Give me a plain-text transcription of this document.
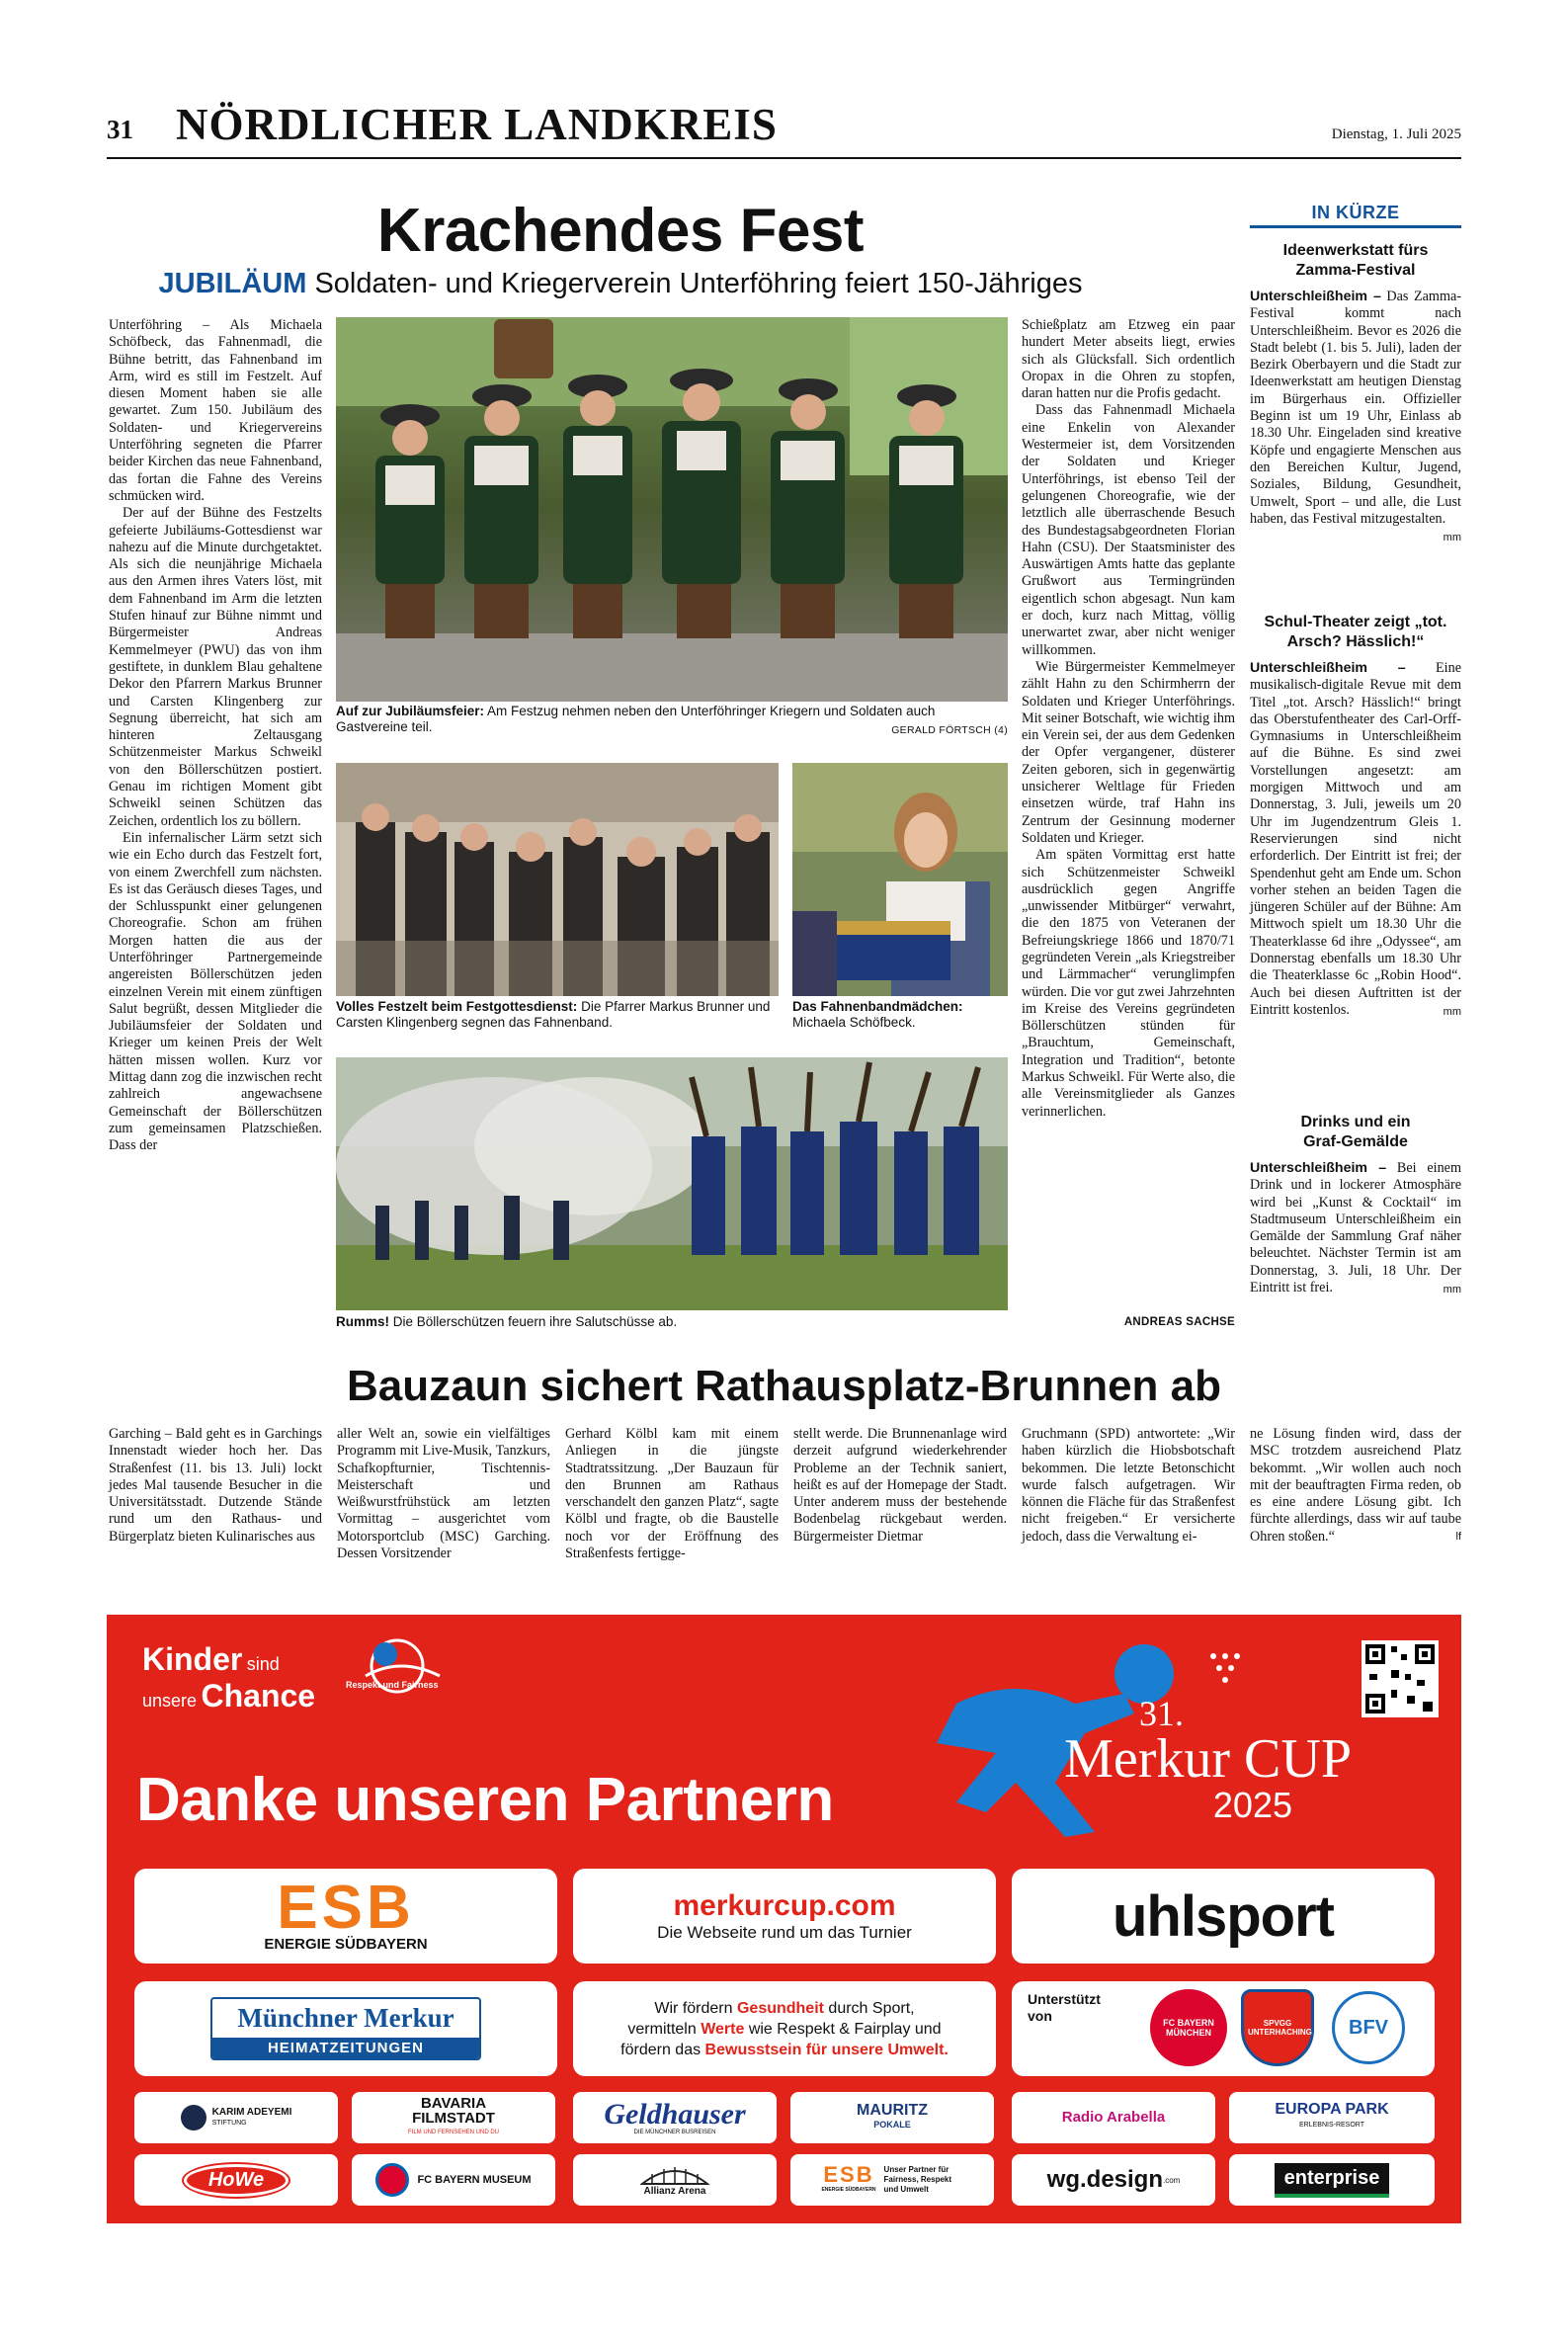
31 NÖRDLICHER LANDKREIS	Dienstag, 1. Juli 2025
Krachendes Fest
JUBILÄUM Soldaten- und Kriegerverein Unterföhring feiert 150-Jähriges

Unterföhring – Als Michaela Schöfbeck, das Fahnenmadl, die Bühne betritt, das Fahnenband im Arm, wird es still im Festzelt. Auf diesen Moment haben sie alle gewartet. Zum 150. Jubiläum des Soldaten- und Kriegervereins Unterföhring segneten die Pfarrer beider Kirchen das neue Fahnenband, das fortan die Fahne des Vereins schmücken wird.

Der auf der Bühne des Festzelts gefeierte Jubiläums-Gottesdienst war nahezu auf die Minute durchgetaktet. Als sich die neunjährige Michaela aus den Armen ihres Vaters löst, mit dem Fahnenband im Arm die letzten Stufen hinauf zur Bühne nimmt und Bürgermeister Andreas Kemmelmeyer (PWU) das von ihm gestiftete, in dunklem Blau gehaltene Dekor den Pfarrern Markus Brunner und Carsten Klingenberg zur Segnung überreicht, hat sich am hinteren Zeltausgang Schützenmeister Markus Schweikl von den Böllerschützen postiert. Genau im richtigen Moment gibt Schweikl seinen Schützen das Zeichen, ordentlich los zu böllern.

Ein infernalischer Lärm setzt sich wie ein Echo durch das Festzelt fort, von einem Zwerchfell zum nächsten. Es ist das Geräusch dieses Tages, und der Schlusspunkt einer gelungenen Choreografie. Schon am frühen Morgen hatten die aus der Unterföhringer Partnergemeinde angereisten Böllerschützen jeden einzelnen Verein mit einem zünftigen Salut begrüßt, dessen Mitglieder die Jubiläumsfeier der Soldaten und Krieger um keinen Preis der Welt hätten missen wollen. Kurz vor Mittag dann zog die inzwischen recht zahlreich angewachsene Gemeinschaft der Böllerschützen zum gemeinsamen Platzschießen. Dass der

Auf zur Jubiläumsfeier: Am Festzug nehmen neben den Unterföhringer Kriegern und Soldaten auch Gastvereine teil.	GERALD FÖRTSCH (4)
Volles Festzelt beim Festgottesdienst: Die Pfarrer Markus Brunner und Carsten Klingenberg segnen das Fahnenband.
Das Fahnenbandmädchen: Michaela Schöfbeck.
Rumms! Die Böllerschützen feuern ihre Salutschüsse ab.

Schießplatz am Etzweg ein paar hundert Meter abseits liegt, erwies sich als Glücksfall. Sich ordentlich Oropax in die Ohren zu stopfen, daran hatten nur die Profis gedacht.

Dass das Fahnenmadl Michaela eine Enkelin von Alexander Westermeier ist, dem Vorsitzenden der Soldaten und Krieger Unterföhrings, ist ebenso Teil der gelungenen Choreografie, wie der letztlich alle überraschende Besuch des Bundestagsabgeordneten Florian Hahn (CSU). Der Staatsminister des Auswärtigen Amts hatte das geplante Grußwort aus Termingründen eigentlich schon abgesagt. Nun kam er doch, kurz nach Mittag, völlig unerwartet zwar, aber nicht weniger willkommen.

Wie Bürgermeister Kemmelmeyer zählt Hahn zu den Schirmherrn der Soldaten und Krieger Unterföhrings. Mit seiner Botschaft, wie wichtig ihm ein Verein sei, der aus dem Gedenken der Opfer vergangener, düsterer Zeiten geboren, sich in gegenwärtig unsicherer Weltlage für Frieden einsetzen würde, traf Hahn ins Zentrum der Gesinnung moderner Soldaten und Krieger.

Am späten Vormittag erst hatte sich Schützenmeister Schweikl ausdrücklich gegen Angriffe „unwissender Mitbürger“ verwahrt, die den 1875 von Veteranen der Befreiungskriege 1866 und 1870/71 gegründeten Verein „als Kriegstreiber und Lärmmacher“ verunglimpfen würden. Die vor gut zwei Jahrzehnten im Kreise des Vereins gegründeten Böllerschützen stünden für „Brauchtum, Gemeinschaft, Integration und Tradition“, betonte Markus Schweikl. Für Werte also, die alle Vereinsmitglieder als Ganzes verinnerlichen.

ANDREAS SACHSE
IN KÜRZE
Ideenwerkstatt fürs Zamma-Festival

Unterschleißheim – Das Zamma-Festival kommt nach Unterschleißheim. Bevor es 2026 die Stadt belebt (1. bis 5. Juli), laden der Bezirk Oberbayern und die Stadt zur Ideenwerkstatt am heutigen Dienstag im Bürgerhaus ein. Offizieller Beginn ist um 19 Uhr, Einlass ab 18.30 Uhr. Eingeladen sind kreative Köpfe und engagierte Menschen aus den Bereichen Kultur, Jugend, Soziales, Bildung, Gesundheit, Umwelt, Sport – und alle, die Lust haben, das Festival mitzugestalten.
mm

Schul-Theater zeigt „tot. Arsch? Hässlich!“

Unterschleißheim – Eine musikalisch-digitale Revue mit dem Titel „tot. Arsch? Hässlich!“ bringt das Oberstufentheater des Carl-Orff-Gymnasiums in Unterschleißheim auf die Bühne. Es sind zwei Vorstellungen angesetzt: am morgigen Mittwoch und am Donnerstag, 3. Juli, jeweils um 20 Uhr im Jugendzentrum Gleis 1. Reservierungen sind nicht erforderlich. Der Eintritt ist frei; der Spendenhut geht am Ende um. Schon vorher stehen an beiden Tagen die jüngeren Schüler auf der Bühne: Am Mittwoch spielt um 18.30 Uhr die Theaterklasse 6d ihre „Odyssee“, am Donnerstag ebenfalls um 18.30 Uhr die Theaterklasse 6c „Robin Hood“. Auch bei diesen Auftritten ist der Eintritt kostenlos.	mm

Drinks und ein Graf-Gemälde

Unterschleißheim – Bei einem Drink und in lockerer Atmosphäre wird bei „Kunst & Cocktail“ im Stadtmuseum Unterschleißheim ein Gemälde der Sammlung Graf näher beleuchtet. Nächster Termin ist am Donnerstag, 3. Juli, 18 Uhr. Der Eintritt ist frei.	mm

Bauzaun sichert Rathausplatz-Brunnen ab

Garching – Bald geht es in Garchings Innenstadt wieder hoch her. Das Straßenfest (11. bis 13. Juli) lockt jedes Mal tausende Besucher in die Universitätsstadt. Dutzende Stände rund um den Rathaus- und Bürgerplatz bieten Kulinarisches aus

aller Welt an, sowie ein vielfältiges Programm mit Live-Musik, Tanzkurs, Schafkopfturnier, Tischtennis-Meisterschaft und Weißwurstfrühstück am letzten Vormittag – ausgerichtet vom Motorsportclub (MSC) Garching. Dessen Vorsitzender

Gerhard Kölbl kam mit einem Anliegen in die jüngste Stadtratssitzung. „Der Bauzaun für den Brunnen am Rathaus verschandelt den ganzen Platz“, sagte Kölbl und fragte, ob die Baustelle noch vor der Eröffnung des Straßenfests fertigge-

stellt werde. Die Brunnenanlage wird derzeit aufgrund wiederkehrender Probleme an der Technik saniert, heißt es auf der Homepage der Stadt. Unter anderem muss der bestehende Bodenbelag rückgebaut werden. Bürgermeister Dietmar

Gruchmann (SPD) antwortete: „Wir haben kürzlich die Hiobsbotschaft bekommen. Die letzte Betonschicht wurde falsch aufgetragen. Wir können die Fläche für das Straßenfest nicht freigeben.“ Er versicherte jedoch, dass die Verwaltung ei-

ne Lösung finden wird, dass der MSC trotzdem ausreichend Platz bekommt. „Wir wollen auch noch mit der beauftragten Firma reden, ob es eine andere Lösung gibt. Ich fürchte allerdings, dass wir auf taube Ohren stoßen.“	lf

Kinder sind
unsere Chance	Respekt und Fairness
Danke unseren Partnern
31.
Merkur CUP
2025
ESB
ENERGIE SÜDBAYERN
merkurcup.com
Die Webseite rund um das Turnier	uhlsport
Münchner Merkur
HEIMATZEITUNGEN
Wir fördern Gesundheit durch Sport,
vermitteln Werte wie Respekt & Fairplay und
fördern das Bewusstsein für unsere Umwelt.
Unterstützt von	FC BAYERN MÜNCHEN
SPVGG UNTERHACHING BFV
KARIM ADEYEMI
STIFTUNG
BAVARIA FILMSTADT
FILM UND FERNSEHEN UND DU
Geldhauser
DIE MÜNCHNER BUSREISEN
MAURITZ
POKALE	Radio Arabella	EUROPA PARK
ERLEBNIS-RESORT
HoWe	FC BAYERN MUSEUM
Allianz Arena
ESB
ENERGIE SÜDBAYERN
Unser Partner für Fairness, Respekt und Umwelt	wg.design .com	enterprise
